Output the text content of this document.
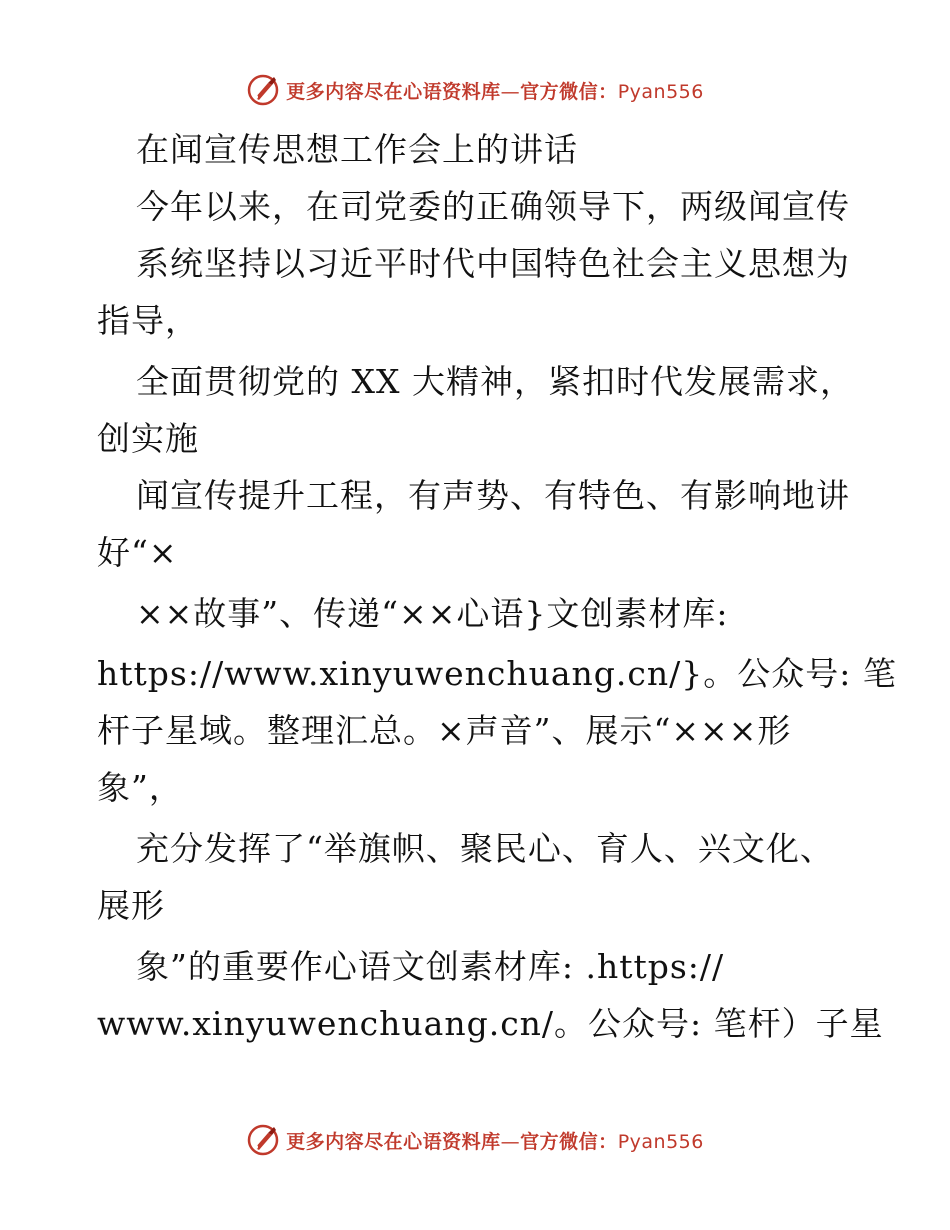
更多内容尽在心语资料库—官方微信：Pyan556
在闻宣传思想工作会上的讲话
今年以来，在司党委的正确领导下，两级闻宣传
系统坚持以习近平时代中国特色社会主义思想为
指导，
全面贯彻党的 XX 大精神，紧扣时代发展需求，
创实施
闻宣传提升工程，有声势、有特色、有影响地讲
好“×
××故事”、传递“××心语}文创素材库:
https://www.xinyuwenchuang.cn/}。公众号: 笔
杆子星域。整理汇总。×声音”、展示“×××形
象”，
充分发挥了“举旗帜、聚民心、育人、兴文化、
展形
象”的重要作心语文创素材库: .https://
www.xinyuwenchuang.cn/。公众号: 笔杆）子星
更多内容尽在心语资料库—官方微信：Pyan556
